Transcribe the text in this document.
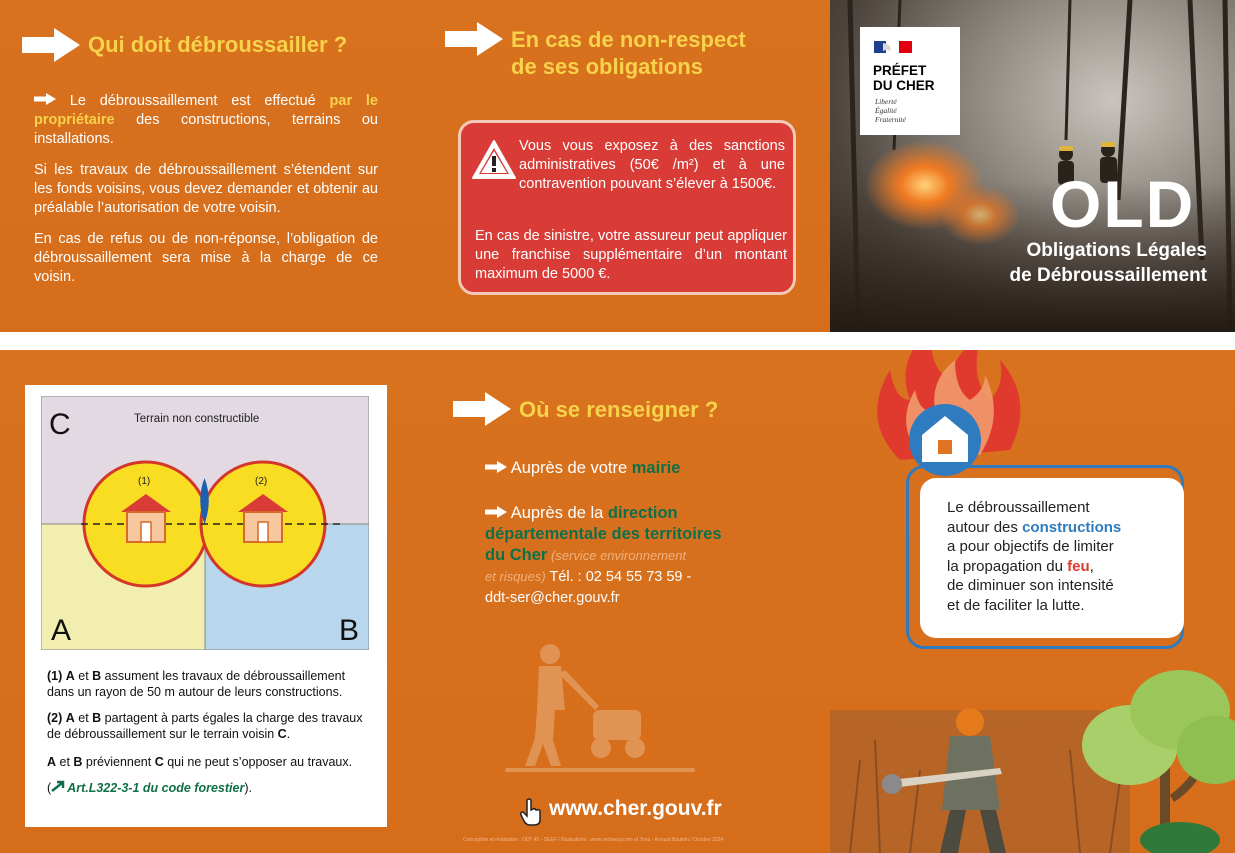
Qui doit débroussailler ?

Le débroussaillement est effectué par le propriétaire des constructions, terrains ou installations.

Si les travaux de débroussaillement s’étendent sur les fonds voisins, vous devez demander et obtenir au préalable l’autorisation de votre voisin.

En cas de refus ou de non-réponse, l’obligation de débroussaillement sera mise à la charge de ce voisin.

En cas de non-respect
de ses obligations
Vous vous exposez à des sanctions administratives (50€ /m²) et à une contravention pouvant s’élever à 1500€.
En cas de sinistre, votre assureur peut appliquer une franchise supplémentaire d’un montant maximum de 5000 €.
PRÉFET
DU CHER
Liberté
Égalité
Fraternité
OLD
Obligations Légales
de Débroussaillement
C	Terrain non constructible
(1)	(2)
A	B
(1) A et B assument les travaux de débroussaillement dans un rayon de 50 m autour de leurs constructions.
(2) A et B partagent à parts égales la charge des travaux de débroussaillement sur le terrain voisin C.
A et B préviennent C qui ne peut s’opposer au travaux.
( Art.L322-3-1 du code forestier).
Où se renseigner ?
Auprès de votre mairie
Auprès de la direction
départementale des territoires
du Cher (service environnement
et risques) Tél. : 02 54 55 73 59 -
ddt-ser@cher.gouv.fr
www.cher.gouv.fr
Conception et réalisation : DDT 45 - SEEF / Illustrations : www.vecteezy.com et Tona - Arnaud Boutoin / Octobre 2024
Le débroussaillement
autour des constructions
a pour objectifs de limiter
la propagation du feu,
de diminuer son intensité
et de faciliter la lutte.
